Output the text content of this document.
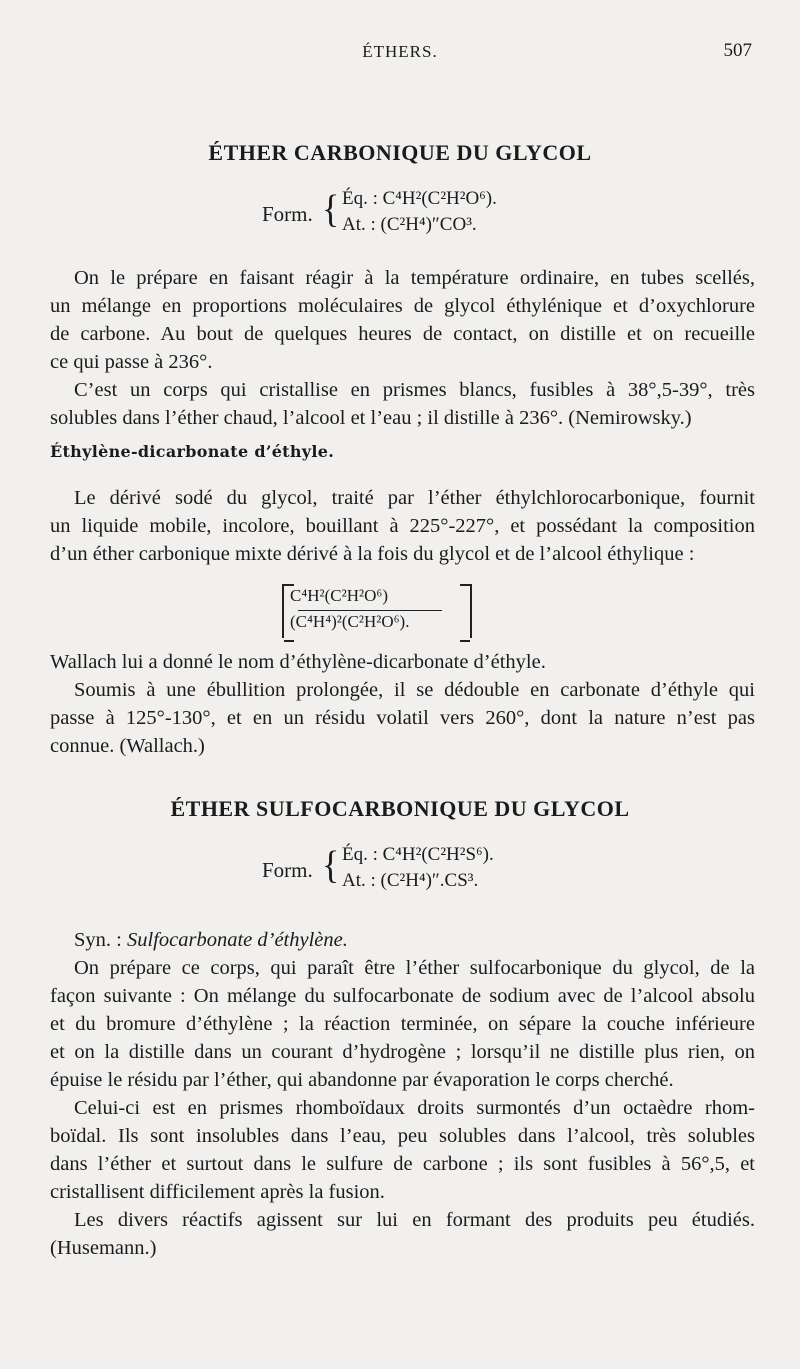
ÉTHERS.	507
ÉTHER CARBONIQUE DU GLYCOL
Form. { Éq. : C⁴H²(C²H²O⁶).
At. : (C²H⁴)″CO³.
On le prépare en faisant réagir à la température ordinaire, en tubes scellés,
un mélange en proportions moléculaires de glycol éthylénique et d’oxychlorure
de carbone. Au bout de quelques heures de contact, on distille et on recueille
ce qui passe à 236°.
C’est un corps qui cristallise en prismes blancs, fusibles à 38°,5-39°, très
solubles dans l’éther chaud, l’alcool et l’eau ; il distille à 236°. (Nemirowsky.)
Éthylène-dicarbonate d’éthyle.
Le dérivé sodé du glycol, traité par l’éther éthylchlorocarbonique, fournit
un liquide mobile, incolore, bouillant à 225°-227°, et possédant la composition
d’un éther carbonique mixte dérivé à la fois du glycol et de l’alcool éthylique :
C⁴H²(C²H²O⁶)
(C⁴H⁴)²(C²H²O⁶).
Wallach lui a donné le nom d’éthylène-dicarbonate d’éthyle.
Soumis à une ébullition prolongée, il se dédouble en carbonate d’éthyle qui
passe à 125°-130°, et en un résidu volatil vers 260°, dont la nature n’est pas
connue. (Wallach.)
ÉTHER SULFOCARBONIQUE DU GLYCOL
Form. { Éq. : C⁴H²(C²H²S⁶).
At. : (C²H⁴)″.CS³.
Syn. : Sulfocarbonate d’éthylène.
On prépare ce corps, qui paraît être l’éther sulfocarbonique du glycol, de la
façon suivante : On mélange du sulfocarbonate de sodium avec de l’alcool absolu
et du bromure d’éthylène ; la réaction terminée, on sépare la couche inférieure
et on la distille dans un courant d’hydrogène ; lorsqu’il ne distille plus rien, on
épuise le résidu par l’éther, qui abandonne par évaporation le corps cherché.
Celui-ci est en prismes rhomboïdaux droits surmontés d’un octaèdre rhom-
boïdal. Ils sont insolubles dans l’eau, peu solubles dans l’alcool, très solubles
dans l’éther et surtout dans le sulfure de carbone ; ils sont fusibles à 56°,5, et
cristallisent difficilement après la fusion.
Les divers réactifs agissent sur lui en formant des produits peu étudiés.
(Husemann.)
